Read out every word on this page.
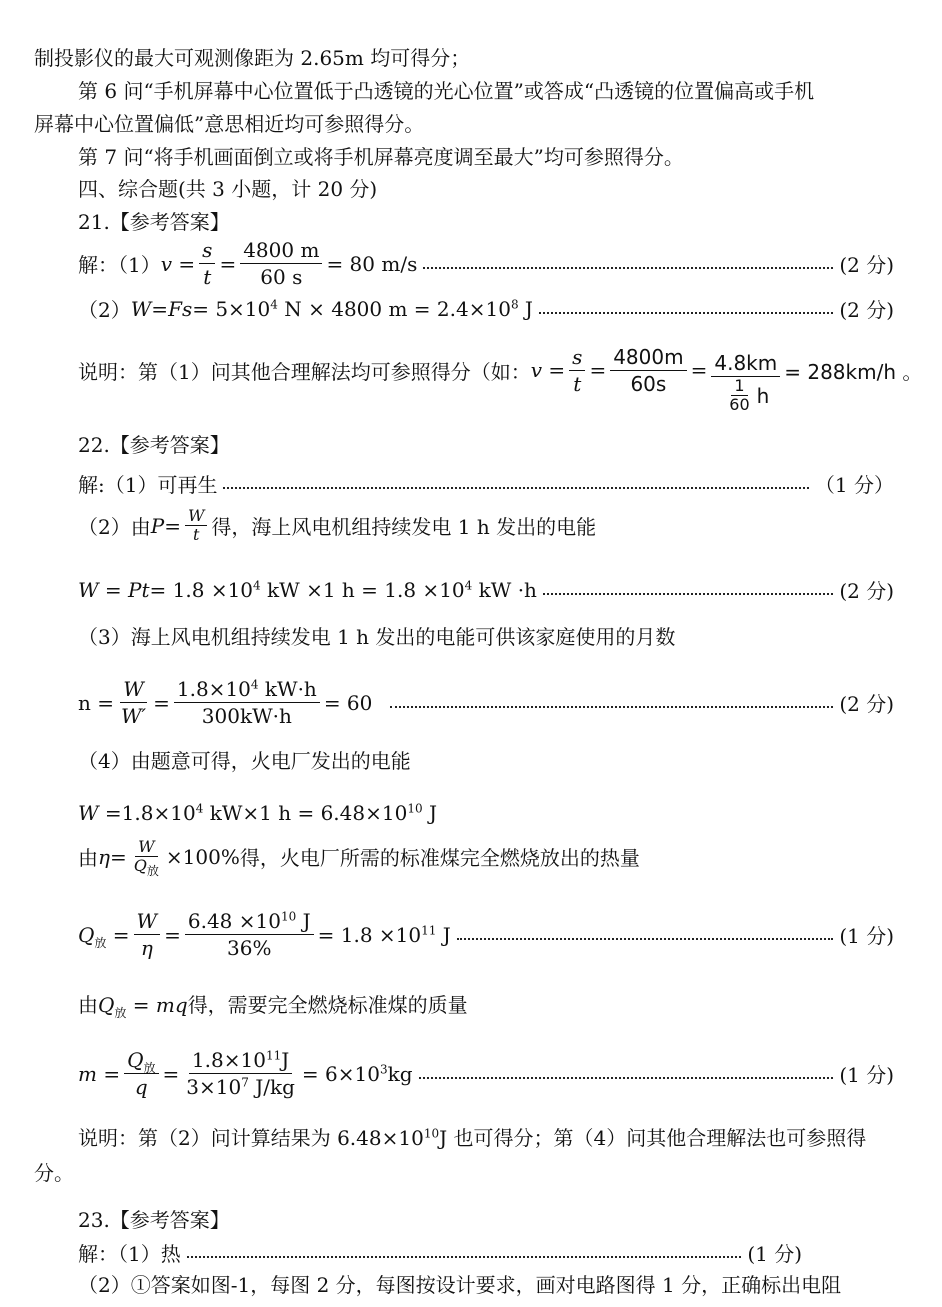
制投影仪的最大可观测像距为 2.65m 均可得分；
第 6 问“手机屏幕中心位置低于凸透镜的光心位置”或答成“凸透镜的位置偏高或手机
屏幕中心位置偏低”意思相近均可参照得分。
第 7 问“将手机画面倒立或将手机屏幕亮度调至最大”均可参照得分。
四、综合题(共 3 小题，计 20 分)
21.【参考答案】
解：（1） $v = \frac{s}{t} = \frac{4800 m}{60 s} = 80$ m/s	(2 分)
（2） $W = Fs = 5\times 10^4$ N × 4800 $m = 2.4\times 10^8$ J	(2 分)
说明：第（1）问其他合理解法均可参照得分（如： $v = \frac{s}{t} = \frac{4800m}{60s} = \frac{4.8km}{\frac{1}{60} h} = 288km/h$ 。
22.【参考答案】
解:（1）可再生	（1 分）
（2）由 $P = \frac{W}{t}$ 得，海上风电机组持续发电 1 h 发出的电能
$W = Pt = 1.8 \times 10^4$ kW ×1 $h = 1.8 \times 10^4$ kW ·h	(2 分)
（3）海上风电机组持续发电 1 h 发出的电能可供该家庭使用的月数
$n = \frac{W}{W'} = \frac{1.8\times 10^4 kW\cdot h}{300kW\cdot h} = 60$	(2 分)
（4）由题意可得，火电厂发出的电能
$W =1.8\times 10^4$ kW×1 $h = 6.48\times 10^{10}$ J
由 $\eta = \frac{W}{Q_放} \times 100\%$ 得，火电厂所需的标准煤完全燃烧放出的热量
$Q_放 = \frac{W}{\eta} = \frac{6.48 \times 10^{10} J}{36\%} = 1.8 \times 10^{11}$ J	(1 分)
由$Q_放$ = mq得，需要完全燃烧标准煤的质量
$m = \frac{Q_放}{q} = \frac{1.8\times 10^{11}J}{3\times 10^7 J/kg} = 6\times 10^3kg$	(1 分)
说明：第（2）问计算结果为 $6.48\times 10^{10}J$ 也可得分；第（4）问其他合理解法也可参照得
分。
23.【参考答案】
解：（1）热	(1 分)
（2）①答案如图-1，每图 2 分，每图按设计要求，画对电路图得 1 分，正确标出电阻
